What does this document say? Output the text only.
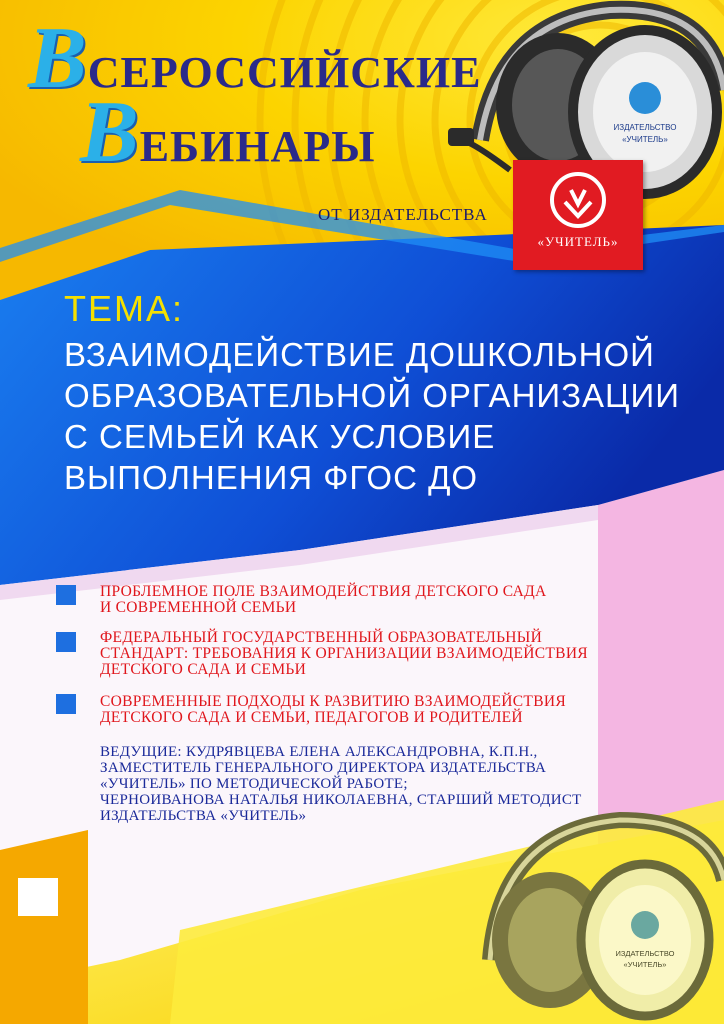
ВСЕРОССИЙСКИЕ
ВЕБИНАРЫ
ОТ ИЗДАТЕЛЬСТВА
ИЗДАТЕЛЬСТВО
«УЧИТЕЛЬ»
«УЧИТЕЛЬ»
ТЕМА:
ВЗАИМОДЕЙСТВИЕ ДОШКОЛЬНОЙ
ОБРАЗОВАТЕЛЬНОЙ ОРГАНИЗАЦИИ
С СЕМЬЕЙ КАК УСЛОВИЕ
ВЫПОЛНЕНИЯ ФГОС ДО
ПРОБЛЕМНОЕ ПОЛЕ ВЗАИМОДЕЙСТВИЯ ДЕТСКОГО САДА
И СОВРЕМЕННОЙ СЕМЬИ
ФЕДЕРАЛЬНЫЙ ГОСУДАРСТВЕННЫЙ ОБРАЗОВАТЕЛЬНЫЙ
СТАНДАРТ: ТРЕБОВАНИЯ К ОРГАНИЗАЦИИ ВЗАИМОДЕЙСТВИЯ
ДЕТСКОГО САДА И СЕМЬИ
СОВРЕМЕННЫЕ ПОДХОДЫ К РАЗВИТИЮ ВЗАИМОДЕЙСТВИЯ
ДЕТСКОГО САДА И СЕМЬИ, ПЕДАГОГОВ И РОДИТЕЛЕЙ
ВЕДУЩИЕ: КУДРЯВЦЕВА ЕЛЕНА АЛЕКСАНДРОВНА, К.П.Н.,
ЗАМЕСТИТЕЛЬ ГЕНЕРАЛЬНОГО ДИРЕКТОРА ИЗДАТЕЛЬСТВА
«УЧИТЕЛЬ» ПО МЕТОДИЧЕСКОЙ РАБОТЕ;
ЧЕРНОИВАНОВА НАТАЛЬЯ НИКОЛАЕВНА, СТАРШИЙ МЕТОДИСТ
ИЗДАТЕЛЬСТВА «УЧИТЕЛЬ»
ИЗДАТЕЛЬСТВО
«УЧИТЕЛЬ»
